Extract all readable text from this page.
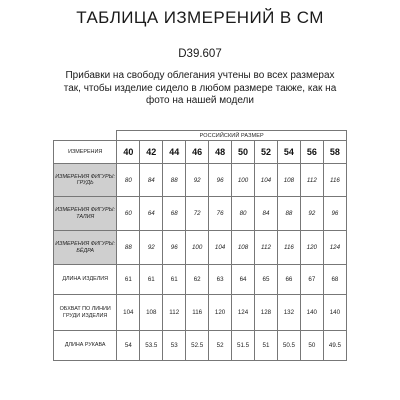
ТАБЛИЦА ИЗМЕРЕНИЙ В СМ
D39.607
Прибавки на свободу облегания учтены во всех размерах так, чтобы изделие сидело в любом размере также, как на фото на нашей модели
	РОССИЙСКИЙ РАЗМЕР									
ИЗМЕРЕНИЯ	40	42	44	46	48	50	52	54	56	58
ИЗМЕРЕНИЯ ФИГУРЫ: ГРУДЬ	80	84	88	92	96	100	104	108	112	116
ИЗМЕРЕНИЯ ФИГУРЫ: ТАЛИЯ	60	64	68	72	76	80	84	88	92	96
ИЗМЕРЕНИЯ ФИГУРЫ: БЁДРА	88	92	96	100	104	108	112	116	120	124
ДЛИНА ИЗДЕЛИЯ	61	61	61	62	63	64	65	66	67	68
ОБХВАТ ПО ЛИНИИ ГРУДИ ИЗДЕЛИЯ	104	108	112	116	120	124	128	132	140	140
ДЛИНА РУКАВА	54	53.5	53	52.5	52	51.5	51	50.5	50	49.5
